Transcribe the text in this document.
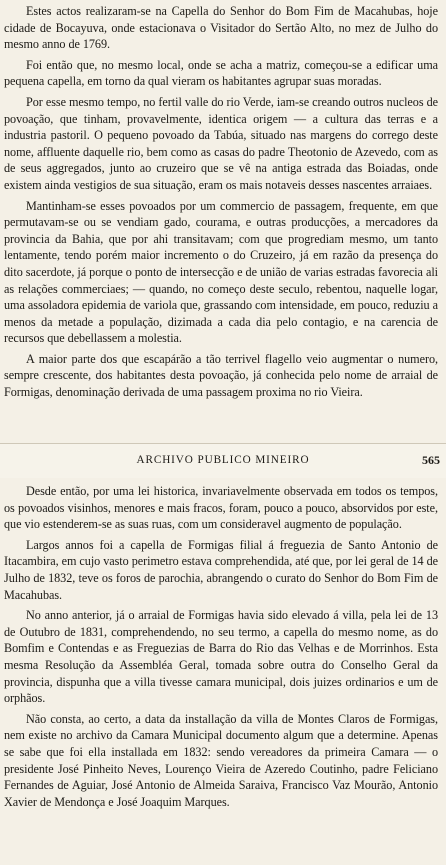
Estes actos realizaram-se na Capella do Senhor do Bom Fim de Macahubas, hoje cidade de Bocayuva, onde estacionava o Visitador do Sertão Alto, no mez de Julho do mesmo anno de 1769.

Foi então que, no mesmo local, onde se acha a matriz, começou-se a edificar uma pequena capella, em torno da qual vieram os habitantes agrupar suas moradas.

Por esse mesmo tempo, no fertil valle do rio Verde, iam-se creando outros nucleos de povoação, que tinham, provavelmente, identica origem — a cultura das terras e a industria pastoril. O pequeno povoado da Tabúa, situado nas margens do corrego deste nome, affluente daquelle rio, bem como as casas do padre Theotonio de Azevedo, com as de seus aggregados, junto ao cruzeiro que se vê na antiga estrada das Boiadas, onde existem ainda vestigios de sua situação, eram os mais notaveis desses nascentes arraiaes.

Mantinham-se esses povoados por um commercio de passagem, frequente, em que permutavam-se ou se vendiam gado, courama, e outras producções, a mercadores da provincia da Bahia, que por ahi transitavam; com que progrediam mesmo, um tanto lentamente, tendo porém maior incremento o do Cruzeiro, já em razão da presença do dito sacerdote, já porque o ponto de intersecção e de união de varias estradas favorecia ali as relações commerciaes; — quando, no começo deste seculo, rebentou, naquelle logar, uma assoladora epidemia de variola que, grassando com intensidade, em pouco, reduziu a menos da metade a população, dizimada a cada dia pelo contagio, e na carencia de recursos que debellassem a molestia.

A maior parte dos que escapárão a tão terrivel flagello veio augmentar o numero, sempre crescente, dos habitantes desta povoação, já conhecida pelo nome de arraial de Formigas, denominação derivada de uma passagem proxima no rio Vieira.

ARCHIVO PUBLICO MINEIRO	565

Desde então, por uma lei historica, invariavelmente observada em todos os tempos, os povoados visinhos, menores e mais fracos, foram, pouco a pouco, absorvidos por este, que vio estenderem-se as suas ruas, com um consideravel augmento de população.

Largos annos foi a capella de Formigas filial á freguezia de Santo Antonio de Itacambira, em cujo vasto perimetro estava comprehendida, até que, por lei geral de 14 de Julho de 1832, teve os foros de parochia, abrangendo o curato do Senhor do Bom Fim de Macahubas.

No anno anterior, já o arraial de Formigas havia sido elevado á villa, pela lei de 13 de Outubro de 1831, comprehendendo, no seu termo, a capella do mesmo nome, as do Bomfim e Contendas e as Freguezias de Barra do Rio das Velhas e de Morrinhos. Esta mesma Resolução da Assembléa Geral, tomada sobre outra do Conselho Geral da provincia, dispunha que a villa tivesse camara municipal, dois juizes ordinarios e um de orphãos.

Não consta, ao certo, a data da installação da villa de Montes Claros de Formigas, nem existe no archivo da Camara Municipal documento algum que a determine. Apenas se sabe que foi ella installada em 1832: sendo vereadores da primeira Camara — o presidente José Pinheito Neves, Lourenço Vieira de Azeredo Coutinho, padre Feliciano Fernandes de Aguiar, José Antonio de Almeida Saraiva, Francisco Vaz Mourão, Antonio Xavier de Mendonça e José Joaquim Marques.
